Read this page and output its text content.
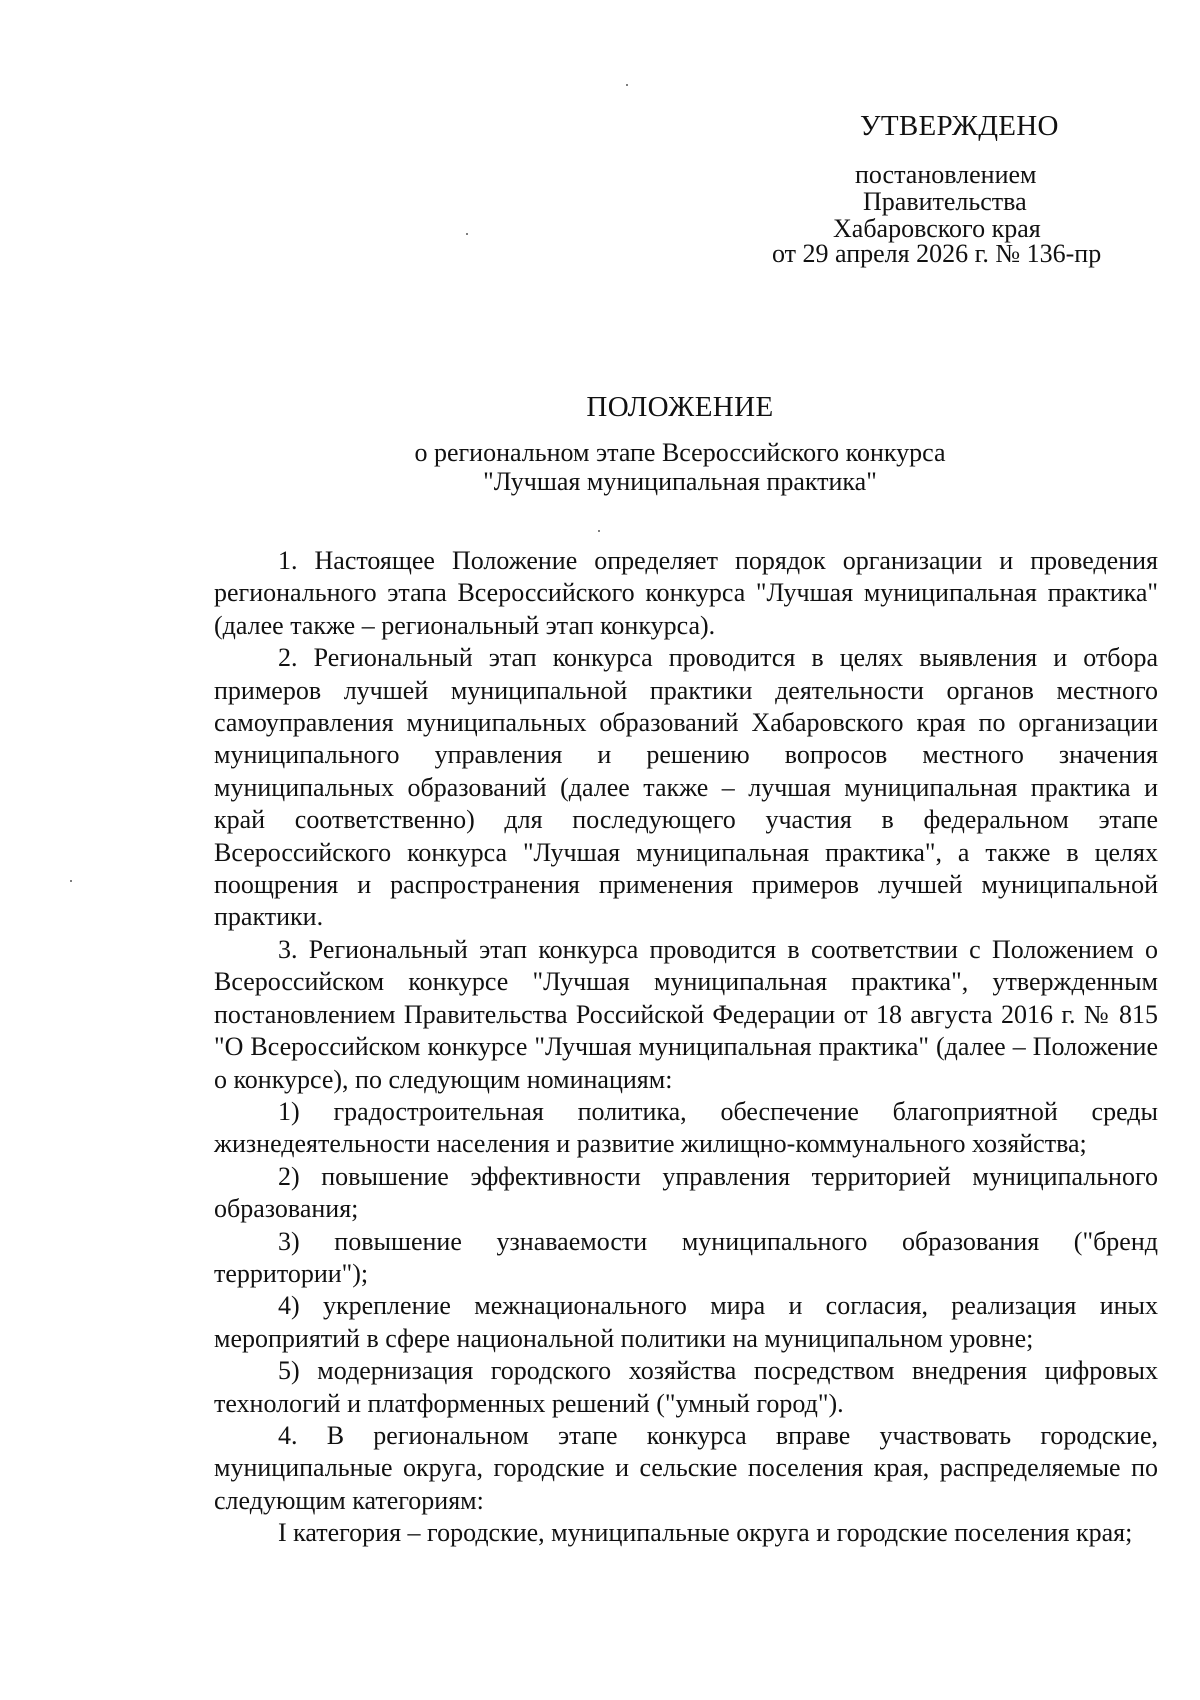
УТВЕРЖДЕНО
постановлением
Правительства
Хабаровского края
от 29 апреля 2026 г. № 136-пр
ПОЛОЖЕНИЕ
о региональном этапе Всероссийского конкурса
"Лучшая муниципальная практика"

1. Настоящее Положение определяет порядок организации и проведения регионального этапа Всероссийского конкурса "Лучшая муниципальная практика" (далее также – региональный этап конкурса).

2. Региональный этап конкурса проводится в целях выявления и отбора примеров лучшей муниципальной практики деятельности органов местного самоуправления муниципальных образований Хабаровского края по организации муниципального управления и решению вопросов местного значения муниципальных образований (далее также – лучшая муниципальная практика и край соответственно) для последующего участия в федеральном этапе Всероссийского конкурса "Лучшая муниципальная практика", а также в целях поощрения и распространения применения примеров лучшей муниципальной практики.

3. Региональный этап конкурса проводится в соответствии с Положением о Всероссийском конкурсе "Лучшая муниципальная практика", утвержденным постановлением Правительства Российской Федерации от 18 августа 2016 г. № 815 "О Всероссийском конкурсе "Лучшая муниципальная практика" (далее – Положение о конкурсе), по следующим номинациям:

1) градостроительная политика, обеспечение благоприятной среды жизнедеятельности населения и развитие жилищно-коммунального хозяйства;

2) повышение эффективности управления территорией муниципального образования;

3) повышение узнаваемости муниципального образования ("бренд территории");

4) укрепление межнационального мира и согласия, реализация иных мероприятий в сфере национальной политики на муниципальном уровне;

5) модернизация городского хозяйства посредством внедрения цифровых технологий и платформенных решений ("умный город").

4. В региональном этапе конкурса вправе участвовать городские, муниципальные округа, городские и сельские поселения края, распределяемые по следующим категориям:

I категория – городские, муниципальные округа и городские поселения края;
